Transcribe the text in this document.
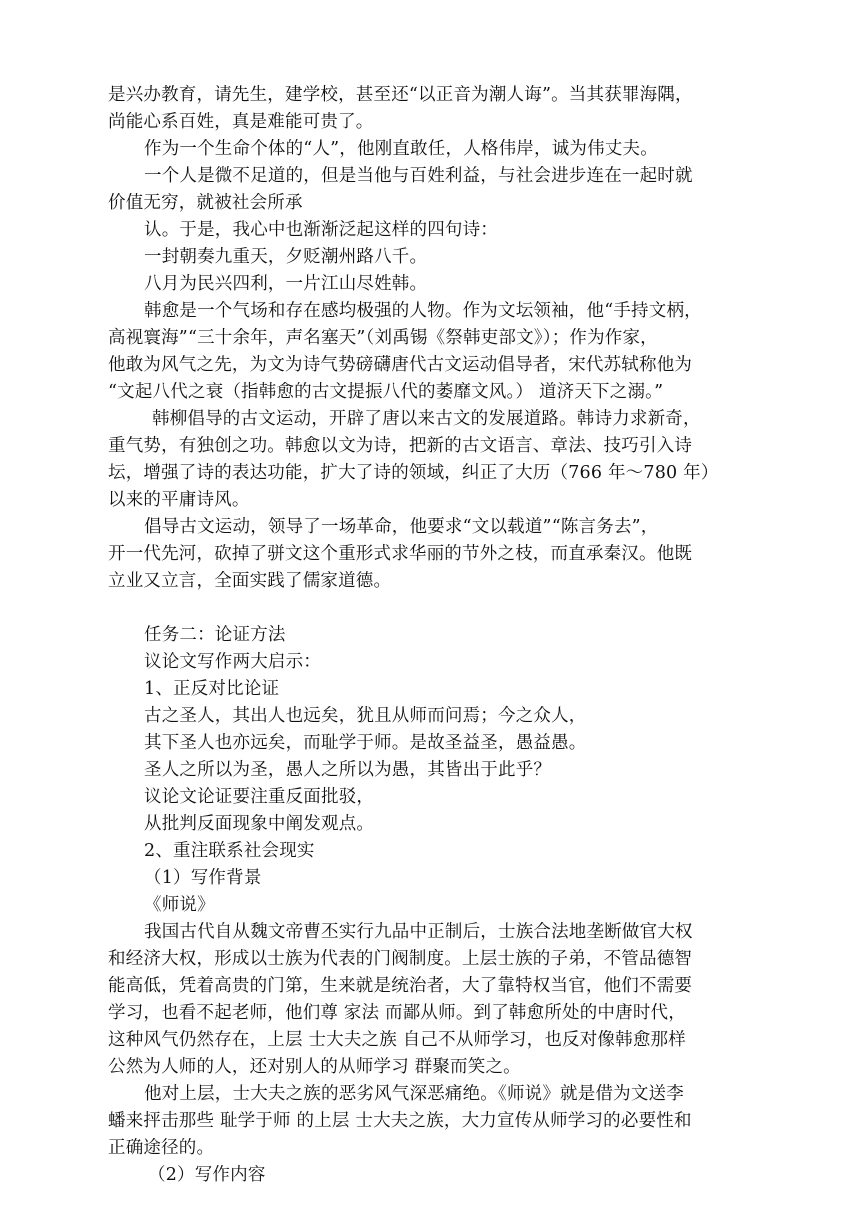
是兴办教育，请先生，建学校，甚至还“以正音为潮人诲”。当其获罪海隅，
尚能心系百姓，真是难能可贵了。
作为一个生命个体的“人”，他刚直敢任，人格伟岸，诚为伟丈夫。
一个人是微不足道的，但是当他与百姓利益，与社会进步连在一起时就
价值无穷，就被社会所承
认。于是，我心中也渐渐泛起这样的四句诗：
一封朝奏九重天，夕贬潮州路八千。
八月为民兴四利，一片江山尽姓韩。
韩愈是一个气场和存在感均极强的人物。作为文坛领袖，他“手持文柄，
高视寰海”“三十余年，声名塞天”（刘禹锡《祭韩吏部文》）；作为作家，
他敢为风气之先，为文为诗气势磅礴唐代古文运动倡导者，宋代苏轼称他为
“文起八代之衰（指韩愈的古文提振八代的萎靡文风。） 道济天下之溺。”
韩柳倡导的古文运动，开辟了唐以来古文的发展道路。韩诗力求新奇，
重气势，有独创之功。韩愈以文为诗，把新的古文语言、章法、技巧引入诗
坛，增强了诗的表达功能，扩大了诗的领域，纠正了大历（766 年～780 年）
以来的平庸诗风。
倡导古文运动，领导了一场革命，他要求“文以载道”“陈言务去”，
开一代先河，砍掉了骈文这个重形式求华丽的节外之枝，而直承秦汉。他既
立业又立言，全面实践了儒家道德。
任务二：论证方法
议论文写作两大启示：
1、正反对比论证
古之圣人，其出人也远矣，犹且从师而问焉；今之众人，
其下圣人也亦远矣，而耻学于师。是故圣益圣，愚益愚。
圣人之所以为圣，愚人之所以为愚，其皆出于此乎？
议论文论证要注重反面批驳，
从批判反面现象中阐发观点。
2、重注联系社会现实
（1）写作背景
《师说》
我国古代自从魏文帝曹丕实行九品中正制后，士族合法地垄断做官大权
和经济大权，形成以士族为代表的门阀制度。上层士族的子弟，不管品德智
能高低，凭着高贵的门第，生来就是统治者，大了靠特权当官，他们不需要
学习，也看不起老师，他们尊 家法 而鄙从师。到了韩愈所处的中唐时代，
这种风气仍然存在，上层 士大夫之族 自己不从师学习，也反对像韩愈那样
公然为人师的人，还对别人的从师学习 群聚而笑之。
他对上层，士大夫之族的恶劣风气深恶痛绝。《师说》就是借为文送李
蟠来抨击那些 耻学于师 的上层 士大夫之族，大力宣传从师学习的必要性和
正确途径的。
（2）写作内容
